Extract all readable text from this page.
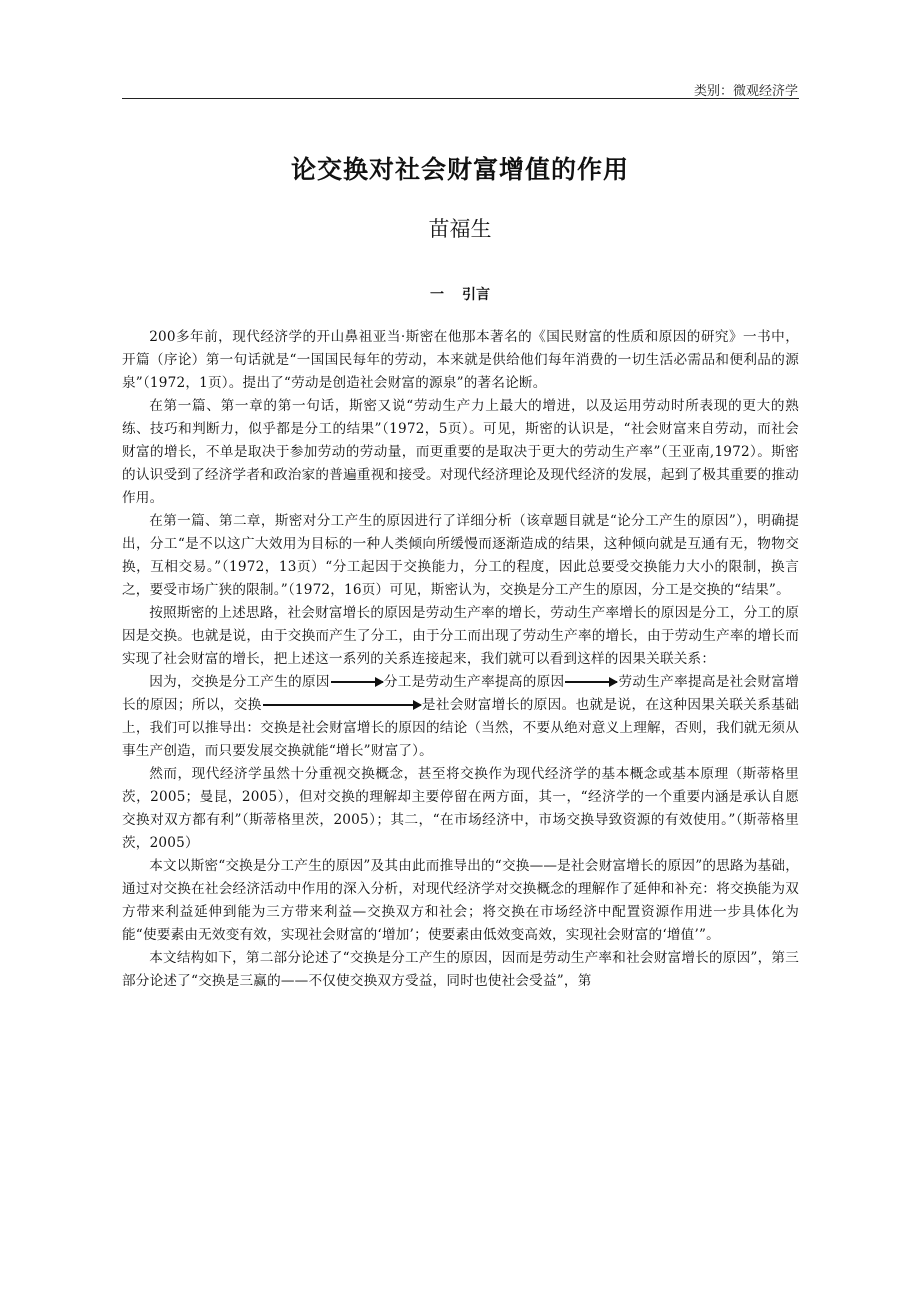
类别：微观经济学
论交换对社会财富增值的作用
苗福生
一 引言

200多年前，现代经济学的开山鼻祖亚当·斯密在他那本著名的《国民财富的性质和原因的研究》一书中，开篇（序论）第一句话就是“一国国民每年的劳动，本来就是供给他们每年消费的一切生活必需品和便利品的源泉”（1972，1页）。提出了“劳动是创造社会财富的源泉”的著名论断。

在第一篇、第一章的第一句话，斯密又说“劳动生产力上最大的增进，以及运用劳动时所表现的更大的熟练、技巧和判断力，似乎都是分工的结果”（1972，5页）。可见，斯密的认识是，“社会财富来自劳动，而社会财富的增长，不单是取决于参加劳动的劳动量，而更重要的是取决于更大的劳动生产率”（王亚南,1972）。斯密的认识受到了经济学者和政治家的普遍重视和接受。对现代经济理论及现代经济的发展，起到了极其重要的推动作用。

在第一篇、第二章，斯密对分工产生的原因进行了详细分析（该章题目就是“论分工产生的原因”），明确提出，分工“是不以这广大效用为目标的一种人类倾向所缓慢而逐渐造成的结果，这种倾向就是互通有无，物物交换，互相交易。”（1972，13页）“分工起因于交换能力，分工的程度，因此总要受交换能力大小的限制，换言之，要受市场广狭的限制。”（1972，16页）可见，斯密认为，交换是分工产生的原因，分工是交换的“结果”。

按照斯密的上述思路，社会财富增长的原因是劳动生产率的增长，劳动生产率增长的原因是分工，分工的原因是交换。也就是说，由于交换而产生了分工，由于分工而出现了劳动生产率的增长，由于劳动生产率的增长而实现了社会财富的增长，把上述这一系列的关系连接起来，我们就可以看到这样的因果关联关系：

因为，交换是分工产生的原因	分工是劳动生产率提高的原因	劳动生产率提高是社会财富增长的原因；所以，交换	是社会财富增长的原因。也就是说，在这种因果关联关系基础上，我们可以推导出：交换是社会财富增长的原因的结论（当然，不要从绝对意义上理解，否则，我们就无须从事生产创造，而只要发展交换就能“增长”财富了）。

然而，现代经济学虽然十分重视交换概念，甚至将交换作为现代经济学的基本概念或基本原理（斯蒂格里茨，2005；曼昆，2005），但对交换的理解却主要停留在两方面，其一，“经济学的一个重要内涵是承认自愿交换对双方都有利”（斯蒂格里茨，2005）；其二，“在市场经济中，市场交换导致资源的有效使用。”（斯蒂格里茨，2005）

本文以斯密“交换是分工产生的原因”及其由此而推导出的“交换——是社会财富增长的原因”的思路为基础，通过对交换在社会经济活动中作用的深入分析，对现代经济学对交换概念的理解作了延伸和补充：将交换能为双方带来利益延伸到能为三方带来利益—交换双方和社会；将交换在市场经济中配置资源作用进一步具体化为能“使要素由无效变有效，实现社会财富的‘增加’；使要素由低效变高效，实现社会财富的‘增值’”。

本文结构如下，第二部分论述了“交换是分工产生的原因，因而是劳动生产率和社会财富增长的原因”，第三部分论述了“交换是三赢的——不仅使交换双方受益，同时也使社会受益”，第
